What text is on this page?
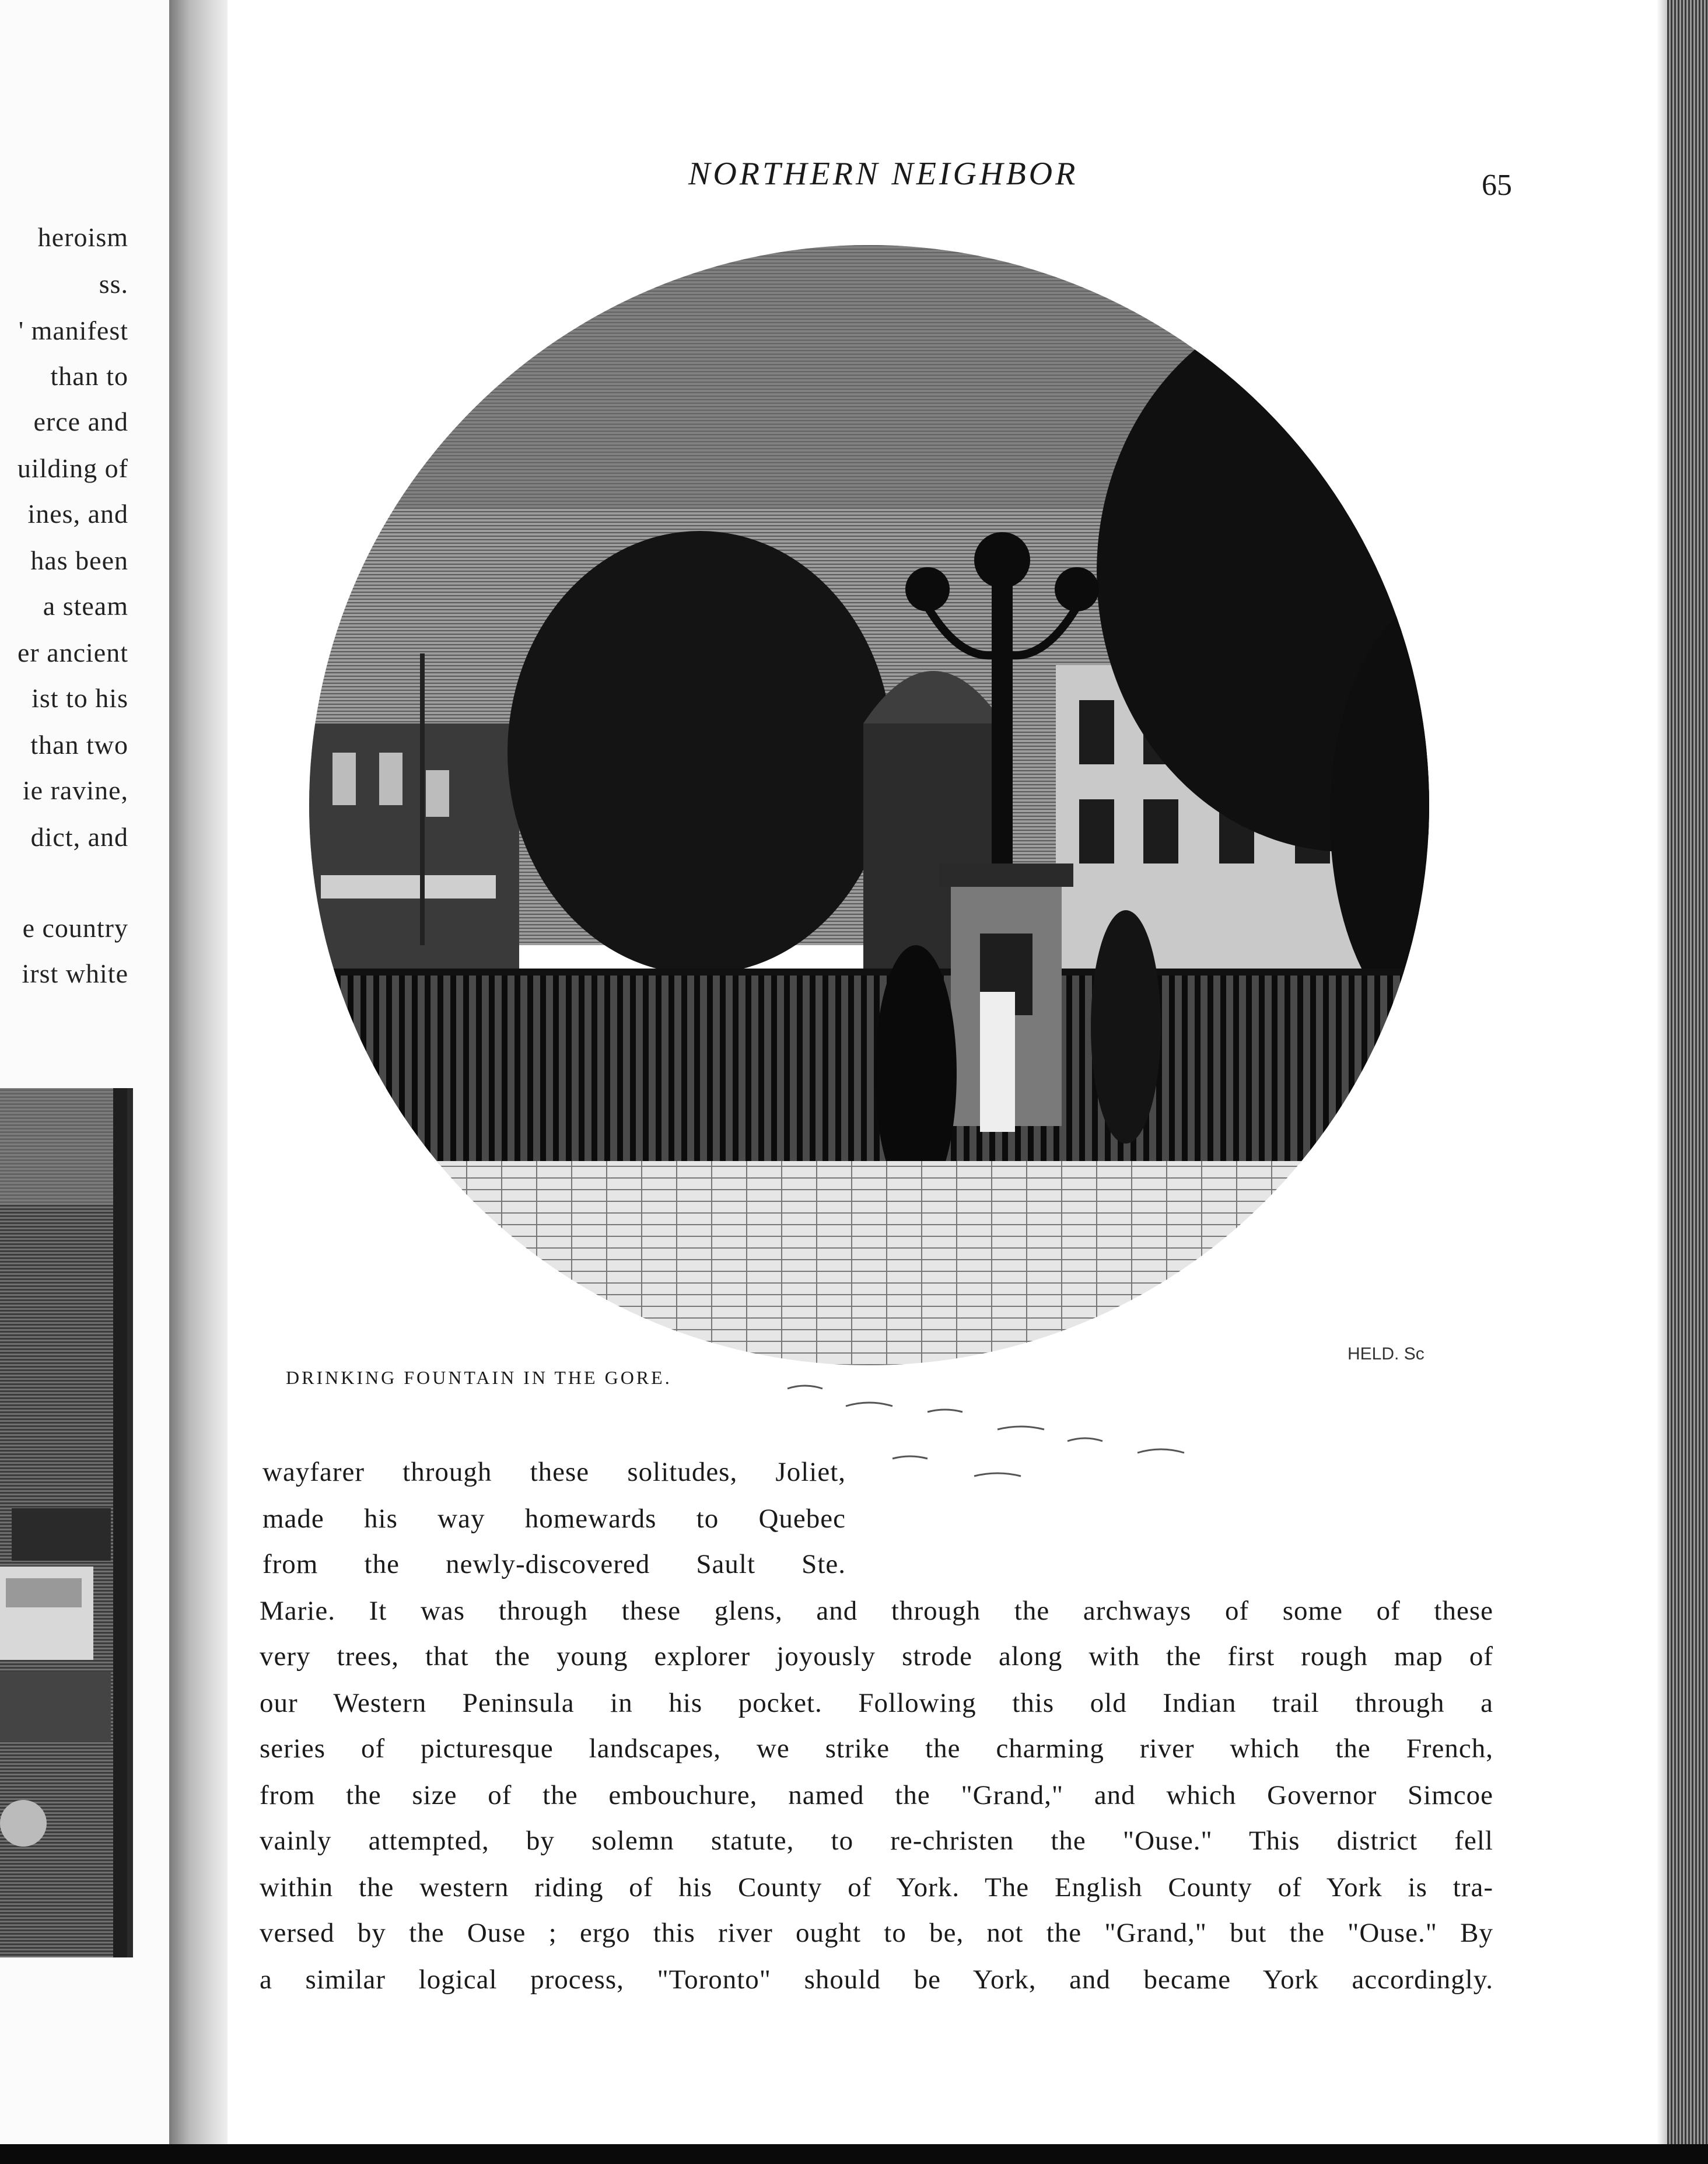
heroism
ss.
' manifest
than to
erce and
uilding of
ines, and
has been
a steam
er ancient
ist to his
than two
ie ravine,
dict, and
e country
irst white
NORTHERN NEIGHBOR	65
HELD. Sc
DRINKING FOUNTAIN IN THE GORE.
wayfarer through these solitudes, Joliet,
made his way homewards to Quebec
from the newly-discovered Sault Ste.
Marie. It was through these glens, and through the archways of some of these
very trees, that the young explorer joyously strode along with the first rough map of
our Western Peninsula in his pocket. Following this old Indian trail through a
series of picturesque landscapes, we strike the charming river which the French,
from the size of the embouchure, named the "Grand," and which Governor Simcoe
vainly attempted, by solemn statute, to re-christen the "Ouse." This district fell
within the western riding of his County of York. The English County of York is tra-
versed by the Ouse ; ergo this river ought to be, not the "Grand," but the "Ouse." By
a similar logical process, "Toronto" should be York, and became York accordingly.
